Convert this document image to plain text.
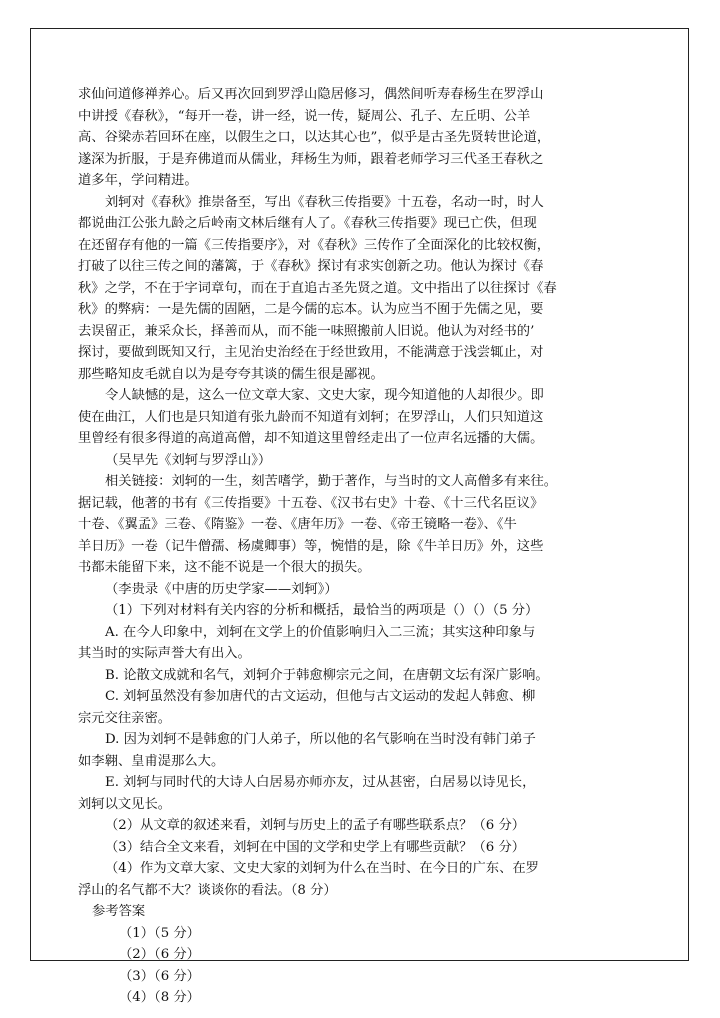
求仙问道修禅养心。后又再次回到罗浮山隐居修习，偶然间听寿春杨生在罗浮山
中讲授《春秋》，“每开一卷，讲一经，说一传，疑周公、孔子、左丘明、公羊
高、谷梁赤若回环在座，以假生之口，以达其心也”，似乎是古圣先贤转世论道，
遂深为折服，于是弃佛道而从儒业，拜杨生为师，跟着老师学习三代圣王春秋之
道多年，学问精进。
刘轲对《春秋》推崇备至，写出《春秋三传指要》十五卷，名动一时，时人
都说曲江公张九龄之后岭南文林后继有人了。《春秋三传指要》现已亡佚，但现
在还留存有他的一篇《三传指要序》，对《春秋》三传作了全面深化的比较权衡，
打破了以往三传之间的藩篱，于《春秋》探讨有求实创新之功。他认为探讨《春
秋》之学，不在于字词章句，而在于直追古圣先贤之道。文中指出了以往探讨《春
秋》的弊病：一是先儒的固陋，二是今儒的忘本。认为应当不囿于先儒之见，要
去误留正，兼采众长，择善而从，而不能一味照搬前人旧说。他认为对经书的’
探讨，要做到既知又行，主见治史治经在于经世致用，不能满意于浅尝辄止，对
那些略知皮毛就自以为是夸夸其谈的儒生很是鄙视。
令人缺憾的是，这么一位文章大家、文史大家，现今知道他的人却很少。即
使在曲江，人们也是只知道有张九龄而不知道有刘轲；在罗浮山，人们只知道这
里曾经有很多得道的高道高僧，却不知道这里曾经走出了一位声名远播的大儒。
（吴早先《刘轲与罗浮山》）
相关链接：刘轲的一生，刻苦嗜学，勤于著作，与当时的文人高僧多有来往。
据记载，他著的书有《三传指要》十五卷、《汉书右史》十卷、《十三代名臣议》
十卷、《翼孟》三卷、《隋鉴》一卷、《唐年历》一卷、《帝王镜略一卷》、《牛
羊日历》一卷（记牛僧孺、杨虞卿事）等，惋惜的是，除《牛羊日历》外，这些
书都未能留下来，这不能不说是一个很大的损失。
（李贵录《中唐的历史学家——刘轲》）
（1）下列对材料有关内容的分析和概括，最恰当的两项是（）（）（5 分）
A. 在今人印象中，刘轲在文学上的价值影响归入二三流；其实这种印象与
其当时的实际声誉大有出入。
B. 论散文成就和名气，刘轲介于韩愈柳宗元之间，在唐朝文坛有深广影响。
C. 刘轲虽然没有参加唐代的古文运动，但他与古文运动的发起人韩愈、柳
宗元交往亲密。
D. 因为刘轲不是韩愈的门人弟子，所以他的名气影响在当时没有韩门弟子
如李翱、皇甫湜那么大。
E. 刘轲与同时代的大诗人白居易亦师亦友，过从甚密，白居易以诗见长，
刘轲以文见长。
（2）从文章的叙述来看，刘轲与历史上的孟子有哪些联系点？（6 分）
（3）结合全文来看，刘轲在中国的文学和史学上有哪些贡献？（6 分）
（4）作为文章大家、文史大家的刘轲为什么在当时、在今日的广东、在罗
浮山的名气都不大？谈谈你的看法。（8 分）
参考答案
（1）（5 分）
（2）（6 分）
（3）（6 分）
（4）（8 分）
